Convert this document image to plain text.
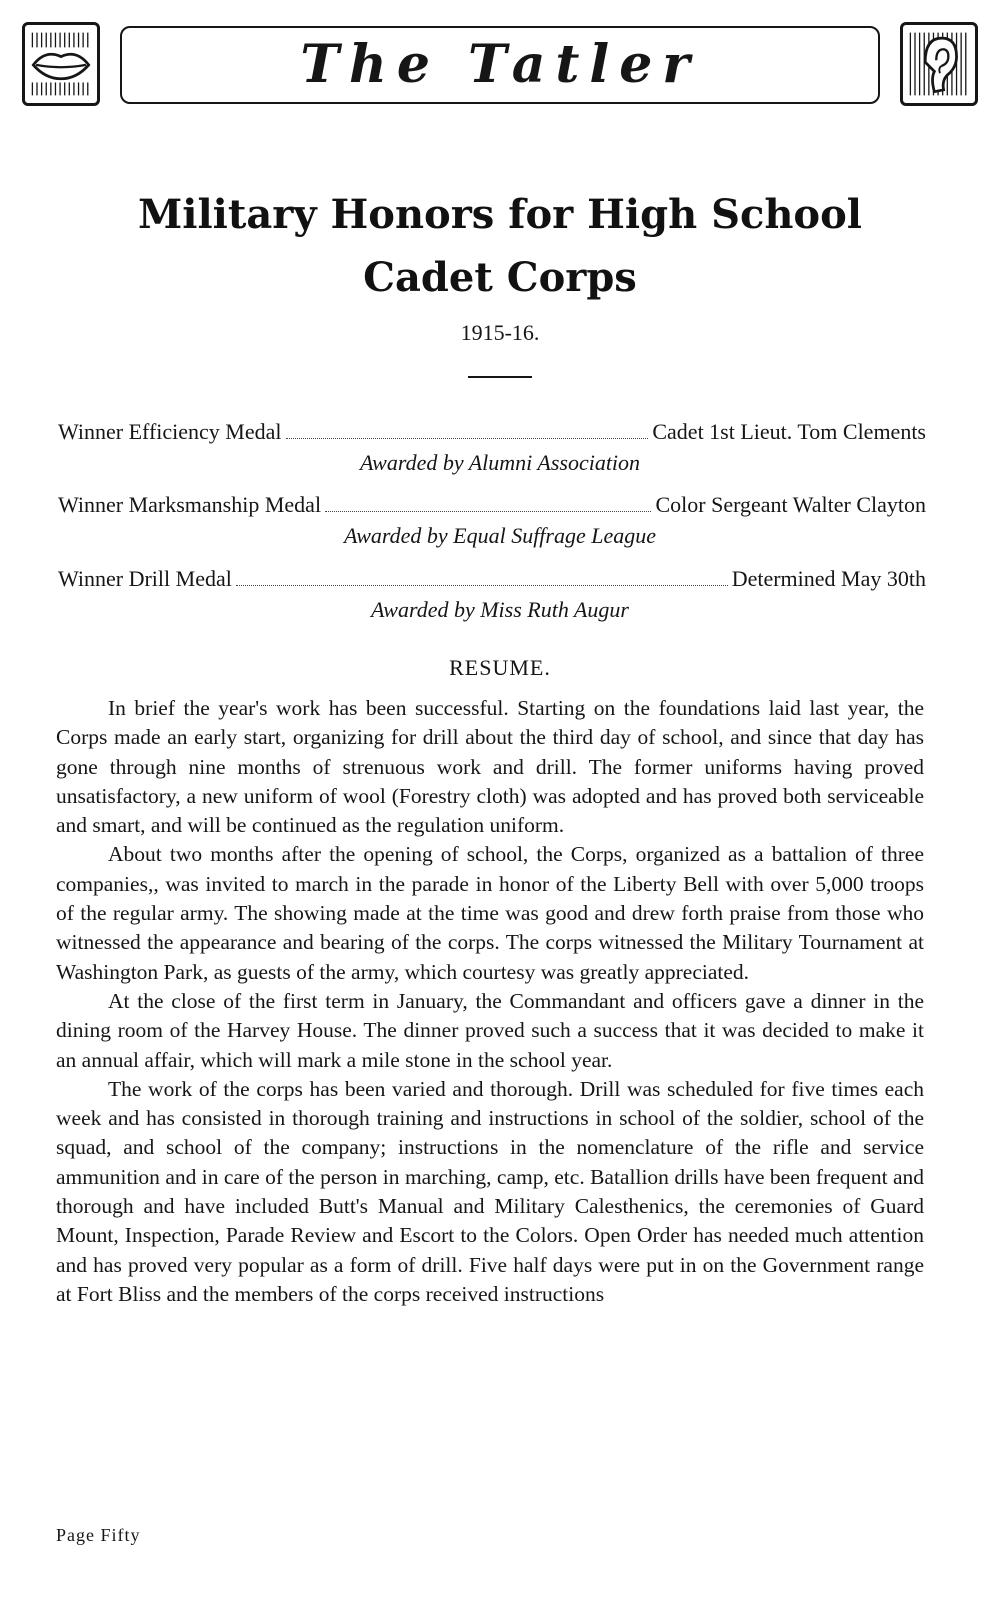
The Tatler
Military Honors for High School
Cadet Corps
1915-16.
Winner Efficiency Medal	Cadet 1st Lieut. Tom Clements
Awarded by Alumni Association
Winner Marksmanship Medal	Color Sergeant Walter Clayton
Awarded by Equal Suffrage League
Winner Drill Medal	Determined May 30th
Awarded by Miss Ruth Augur
RESUME.

In brief the year's work has been successful. Starting on the foundations laid last year, the Corps made an early start, organizing for drill about the third day of school, and since that day has gone through nine months of strenuous work and drill. The former uniforms having proved unsatisfactory, a new uniform of wool (Forestry cloth) was adopted and has proved both serviceable and smart, and will be continued as the regulation uniform.

About two months after the opening of school, the Corps, organized as a battalion of three companies,, was invited to march in the parade in honor of the Liberty Bell with over 5,000 troops of the regular army. The showing made at the time was good and drew forth praise from those who witnessed the appearance and bearing of the corps. The corps witnessed the Military Tournament at Washington Park, as guests of the army, which courtesy was greatly appreciated.

At the close of the first term in January, the Commandant and officers gave a dinner in the dining room of the Harvey House. The dinner proved such a success that it was decided to make it an annual affair, which will mark a mile stone in the school year.

The work of the corps has been varied and thorough. Drill was scheduled for five times each week and has consisted in thorough training and instructions in school of the soldier, school of the squad, and school of the company; instructions in the nomenclature of the rifle and service ammunition and in care of the person in marching, camp, etc. Batallion drills have been frequent and thorough and have included Butt's Manual and Military Calesthenics, the ceremonies of Guard Mount, Inspection, Parade Review and Escort to the Colors. Open Order has needed much attention and has proved very popular as a form of drill. Five half days were put in on the Government range at Fort Bliss and the members of the corps received instructions

Page Fifty
